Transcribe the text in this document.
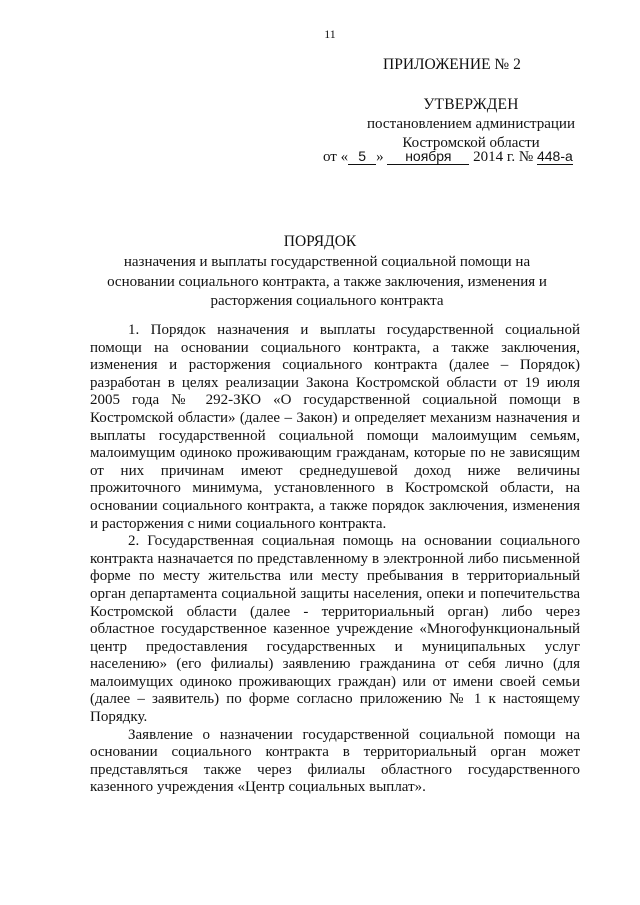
11
ПРИЛОЖЕНИЕ № 2
УТВЕРЖДЕН
постановлением администрации
Костромской области
от « 5 » ноября 2014 г. № 448-а
ПОРЯДОК
назначения и выплаты государственной социальной помощи на основании социального контракта, а также заключения, изменения и расторжения социального контракта

1. Порядок назначения и выплаты государственной социальной помощи на основании социального контракта, а также заключения, изменения и расторжения социального контракта (далее – Порядок) разработан в целях реализации Закона Костромской области от 19 июля 2005 года № 292-ЗКО «О государственной социальной помощи в Костромской области» (далее – Закон) и определяет механизм назначения и выплаты государственной социальной помощи малоимущим семьям, малоимущим одиноко проживающим гражданам, которые по не зависящим от них причинам имеют среднедушевой доход ниже величины прожиточного минимума, установленного в Костромской области, на основании социального контракта, а также порядок заключения, изменения и расторжения с ними социального контракта.

2. Государственная социальная помощь на основании социального контракта назначается по представленному в электронной либо письменной форме по месту жительства или месту пребывания в территориальный орган департамента социальной защиты населения, опеки и попечительства Костромской области (далее - территориальный орган) либо через областное государственное казенное учреждение «Многофункциональный центр предоставления государственных и муниципальных услуг населению» (его филиалы) заявлению гражданина от себя лично (для малоимущих одиноко проживающих граждан) или от имени своей семьи (далее – заявитель) по форме согласно приложению № 1 к настоящему Порядку.

Заявление о назначении государственной социальной помощи на основании социального контракта в территориальный орган может представляться также через филиалы областного государственного казенного учреждения «Центр социальных выплат».
